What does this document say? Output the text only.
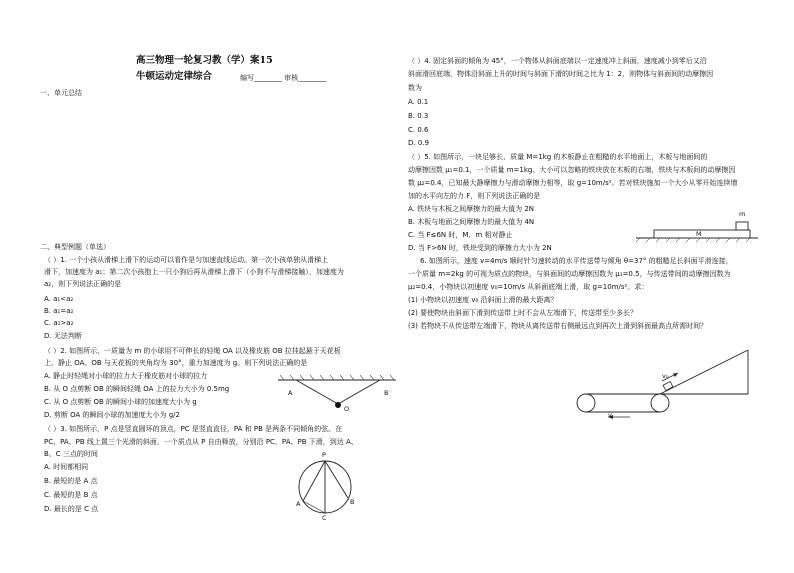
高三物理一轮复习教（学）案15
牛顿运动定律综合	编写________ 审核________
一、单元总结
二、典型例题（单选）
（ ）1. 一个小孩从滑梯上滑下的运动可以看作是匀加速直线运动。第一次小孩单独从滑梯上
滑下，加速度为 a₁；第二次小孩抱上一只小狗后再从滑梯上滑下（小狗不与滑梯接触），加速度为
a₂，则下列说法正确的是
A. a₁<a₂
B. a₁=a₂
C. a₁>a₂
D. 无法判断
（ ）2. 如图所示，一质量为 m 的小球用不可伸长的轻绳 OA 以及橡皮筋 OB 拉挂起悬于天花板
上，静止 OA、OB 与天花板的夹角均为 30°，重力加速度为 g。则下列说法正确的是
A. 静止时轻绳对小球的拉力大于橡皮筋对小球的拉力
B. 从 O 点剪断 OB 的瞬间轻绳 OA 上的拉力大小为 0.5mg
C. 从 O 点剪断 OB 的瞬间小球的加速度大小为 g
D. 剪断 OA 的瞬间小球的加速度大小为 g/2
A	B
O
（ ）3. 如图所示，P 点是竖直圆环的顶点，PC 是竖直直径，PA 和 PB 是两条不同倾角的弦。在
PC、PA、PB 线上置三个光滑的斜面，一个质点从 P 自由释放，分别沿 PC、PA、PB 下滑，到达 A、
B、C 三点的时间
A. 时间都相同
B. 最短的是 A 点
C. 最短的是 B 点
D. 最长的是 C 点
P
A	B
C
（ ）4. 固定斜面的倾角为 45°，一个物体从斜面底端以一定速度冲上斜面，速度减小到零后又沿
斜面滑回底端，物体沿斜面上升的时间与斜面下滑的时间之比为 1：2，则物体与斜面间的动摩擦因
数为
A. 0.1
B. 0.3
C. 0.6
D. 0.9
（ ）5. 如图所示，一块足够长、质量 M=1kg 的木板静止在粗糙的水平地面上，木板与地面间的
动摩擦因数 μ₁=0.1，一个质量 m=1kg、大小可以忽略的铁块放在木板的右端，铁块与木板间的动摩擦因
数 μ₂=0.4，已知最大静摩擦力与滑动摩擦力相等，取 g=10m/s²。若对铁块施加一个大小从零开始连续增
加的水平向左的力 F，则下列说法正确的是
A. 铁块与木板之间摩擦力的最大值为 2N
B. 木板与地面之间摩擦力的最大值为 4N
C. 当 F≤6N 时，M、m 相对静止
D. 当 F>6N 时，铁块受到的摩擦力大小为 2N
m
M
6. 如图所示，速度 v=4m/s 顺时针匀速转动的水平传送带与倾角 θ=37° 的粗糙足长斜面平滑连接，
一个质量 m=2kg 的可视为质点的物块，与斜面间的动摩擦因数为 μ₁=0.5，与传送带间的动摩擦因数为
μ₂=0.4，小物块以初速度 v₀=10m/s 从斜面底端上滑，取 g=10m/s²。求：
(1) 小物块以初速度 v₀ 沿斜面上滑的最大距离？
(2) 要使物块由斜面下滑到传送带上时不会从左端滑下，传送带至少多长？
(3) 若物块不从传送带左端滑下，物块从离传送带右侧最远点到再次上滑到斜面最高点所需时间？
v₀
v
